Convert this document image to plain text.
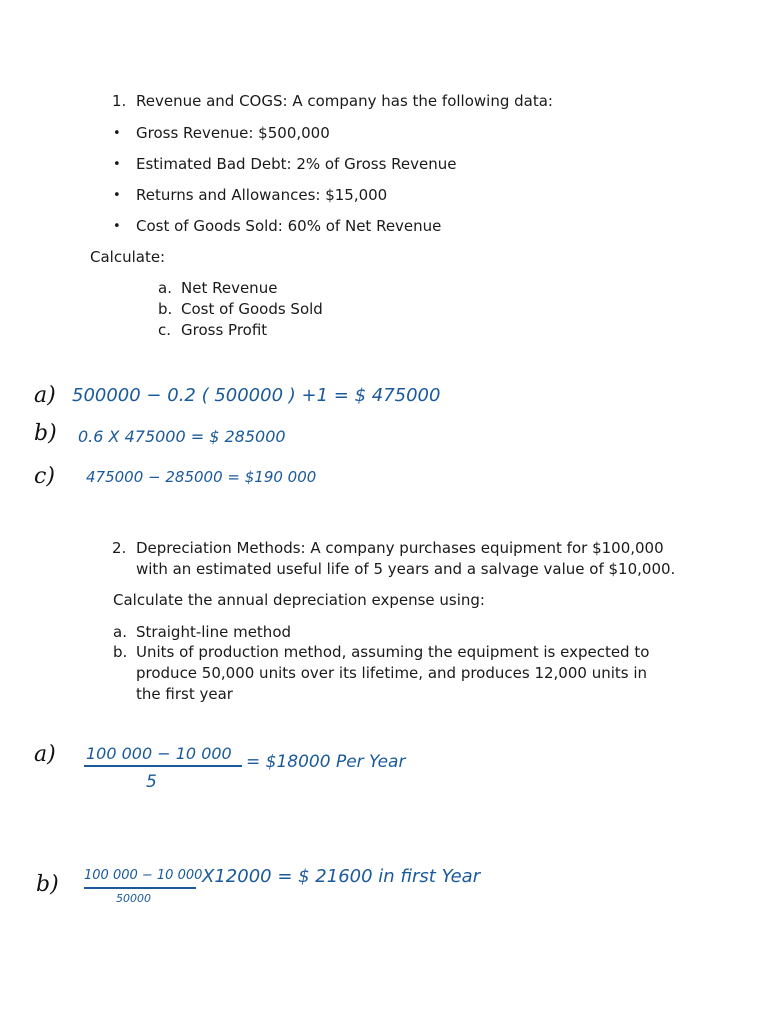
1. Revenue and COGS: A company has the following data:
• Gross Revenue: $500,000
• Estimated Bad Debt: 2% of Gross Revenue
• Returns and Allowances: $15,000
• Cost of Goods Sold: 60% of Net Revenue
Calculate:
a. Net Revenue
b. Cost of Goods Sold
c. Gross Profit
a) 500000 − 0.2 ( 500000 ) +1 = $ 475000
b) 0.6 X 475000 = $ 285000
c) 475000 − 285000 = $190 000
2. Depreciation Methods: A company purchases equipment for $100,000
with an estimated useful life of 5 years and a salvage value of $10,000.
Calculate the annual depreciation expense using:
a. Straight-line method
b. Units of production method, assuming the equipment is expected to
produce 50,000 units over its lifetime, and produces 12,000 units in
the first year
a) 100 000 − 10 000
5
= $18000 Per Year
b) 100 000 − 10 000
50000
X12000 = $ 21600 in first Year
